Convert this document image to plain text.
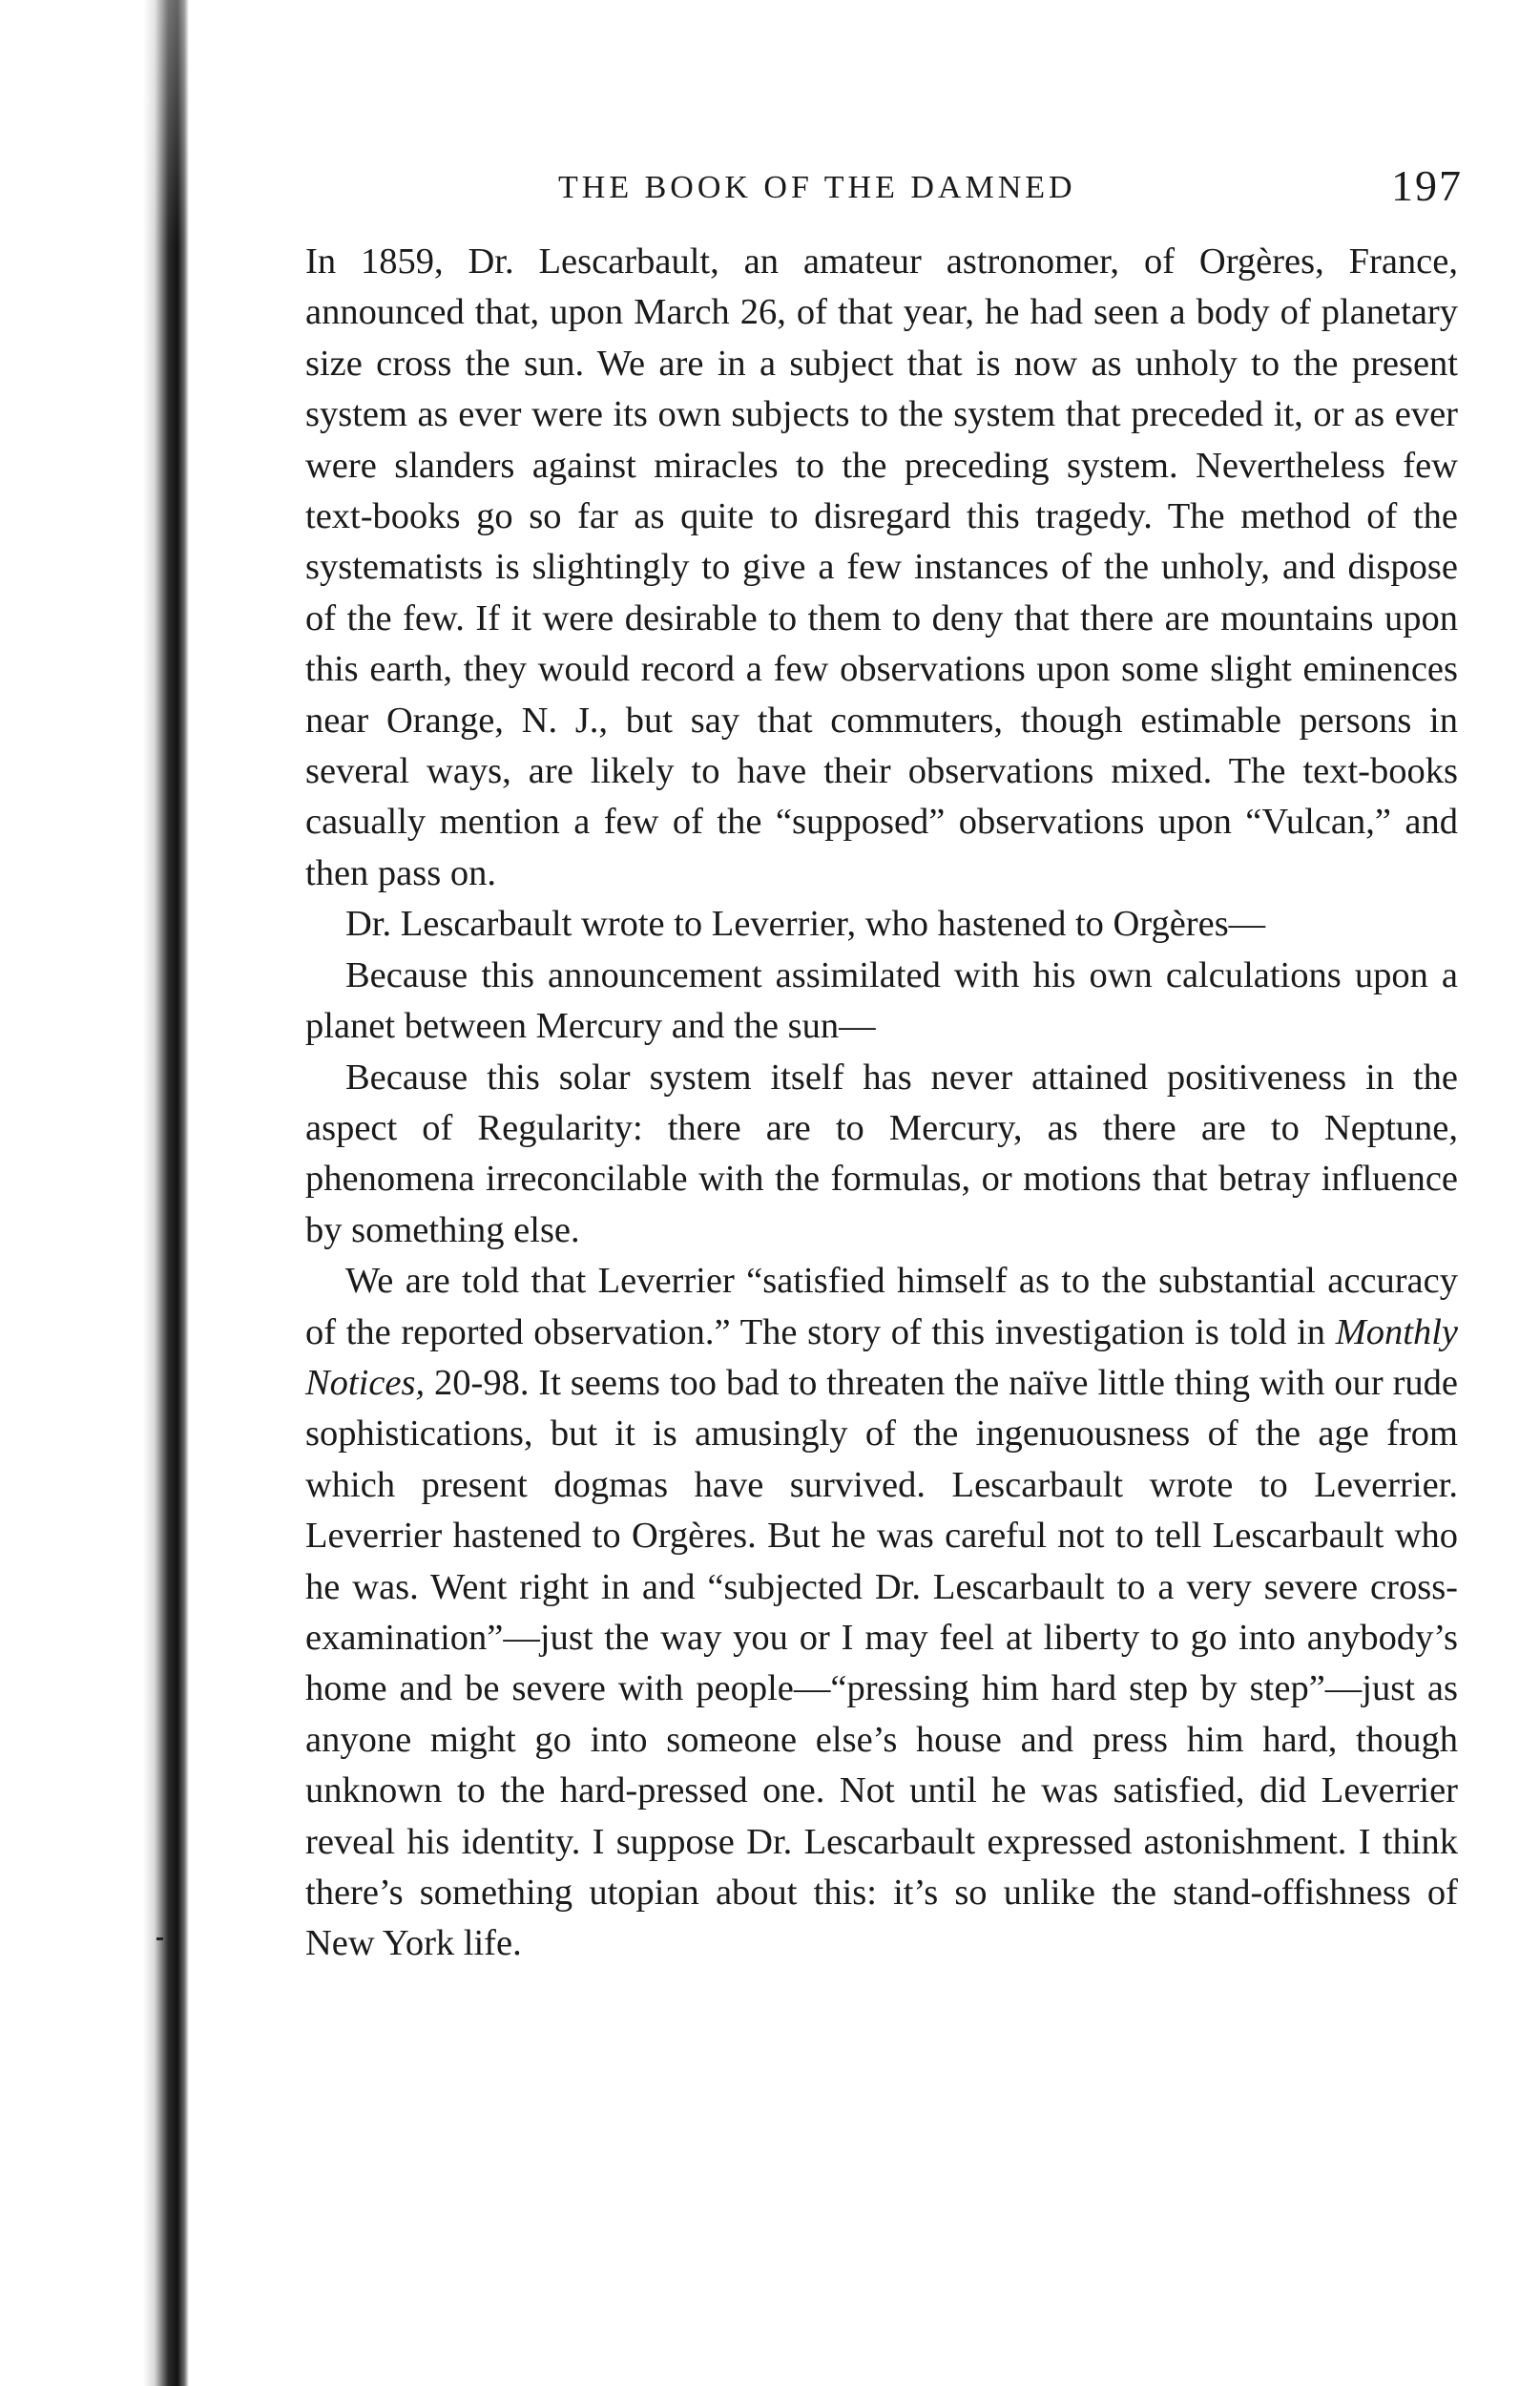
THE BOOK OF THE DAMNED	197

In 1859, Dr. Lescarbault, an amateur astronomer, of Orgères, France, announced that, upon March 26, of that year, he had seen a body of planetary size cross the sun. We are in a subject that is now as unholy to the present system as ever were its own subjects to the system that preceded it, or as ever were slanders against miracles to the preceding system. Nevertheless few text-books go so far as quite to disregard this tragedy. The method of the systematists is slightingly to give a few instances of the unholy, and dispose of the few. If it were desirable to them to deny that there are mountains upon this earth, they would record a few observations upon some slight eminences near Orange, N. J., but say that commuters, though estimable persons in several ways, are likely to have their observations mixed. The text-books casually mention a few of the “supposed” observations upon “Vulcan,” and then pass on.

Dr. Lescarbault wrote to Leverrier, who hastened to Orgères—

Because this announcement assimilated with his own calculations upon a planet between Mercury and the sun—

Because this solar system itself has never attained positiveness in the aspect of Regularity: there are to Mercury, as there are to Neptune, phenomena irreconcilable with the formulas, or motions that betray influence by something else.

We are told that Leverrier “satisfied himself as to the substantial accuracy of the reported observation.” The story of this investigation is told in Monthly Notices, 20-98. It seems too bad to threaten the naïve little thing with our rude sophistications, but it is amusingly of the ingenuousness of the age from which present dogmas have survived. Lescarbault wrote to Leverrier. Leverrier hastened to Orgères. But he was careful not to tell Lescarbault who he was. Went right in and “subjected Dr. Lescarbault to a very severe cross-examination”—just the way you or I may feel at liberty to go into anybody’s home and be severe with people—“pressing him hard step by step”—just as anyone might go into someone else’s house and press him hard, though unknown to the hard-pressed one. Not until he was satisfied, did Leverrier reveal his identity. I suppose Dr. Lescarbault expressed astonishment. I think there’s something utopian about this: it’s so unlike the stand-offishness of New York life.
